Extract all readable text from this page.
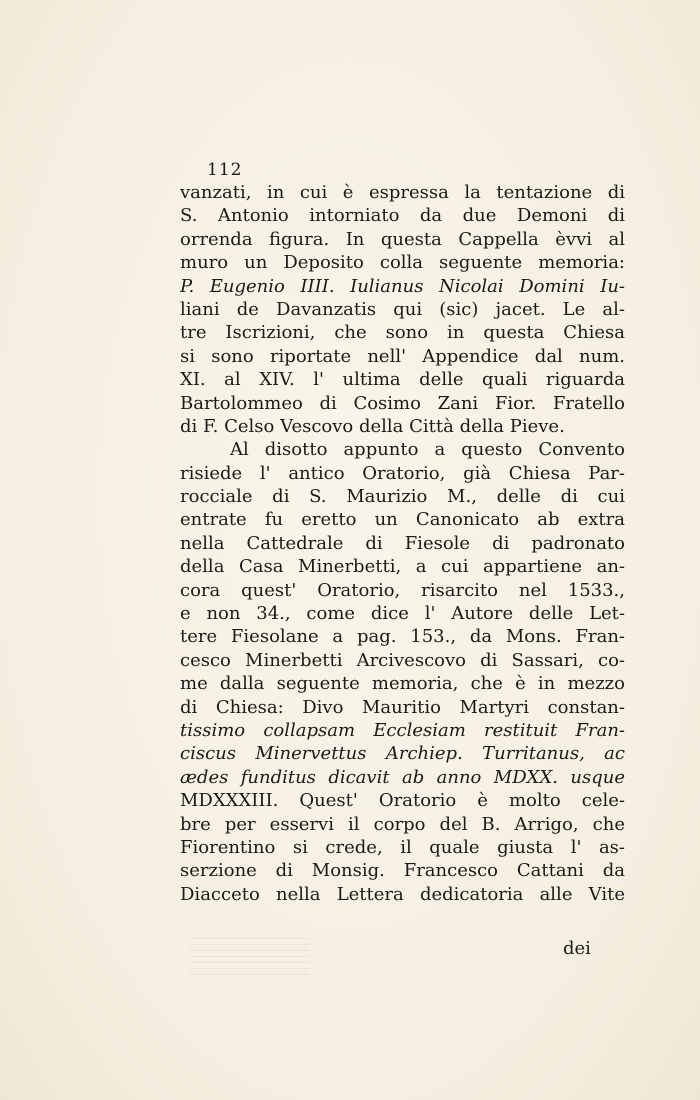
112
vanzati, in cui è espressa la tentazione di
S. Antonio intorniato da due Demoni di
orrenda figura. In questa Cappella èvvi al
muro un Deposito colla seguente memoria:
P. Eugenio IIII. Iulianus Nicolai Domini Iu-
liani de Davanzatis qui (sic) jacet. Le al-
tre Iscrizioni, che sono in questa Chiesa
si sono riportate nell' Appendice dal num.
XI. al XIV. l' ultima delle quali riguarda
Bartolommeo di Cosimo Zani Fior. Fratello
di F. Celso Vescovo della Città della Pieve.
Al disotto appunto a questo Convento
risiede l' antico Oratorio, già Chiesa Par-
rocciale di S. Maurizio M., delle di cui
entrate fu eretto un Canonicato ab extra
nella Cattedrale di Fiesole di padronato
della Casa Minerbetti, a cui appartiene an-
cora quest' Oratorio, risarcito nel 1533.,
e non 34., come dice l' Autore delle Let-
tere Fiesolane a pag. 153., da Mons. Fran-
cesco Minerbetti Arcivescovo di Sassari, co-
me dalla seguente memoria, che è in mezzo
di Chiesa: Divo Mauritio Martyri constan-
tissimo collapsam Ecclesiam restituit Fran-
ciscus Minervettus Archiep. Turritanus, ac
ædes funditus dicavit ab anno MDXX. usque
MDXXXIII. Quest' Oratorio è molto cele-
bre per esservi il corpo del B. Arrigo, che
Fiorentino si crede, il quale giusta l' as-
serzione di Monsig. Francesco Cattani da
Diacceto nella Lettera dedicatoria alle Vite
dei
